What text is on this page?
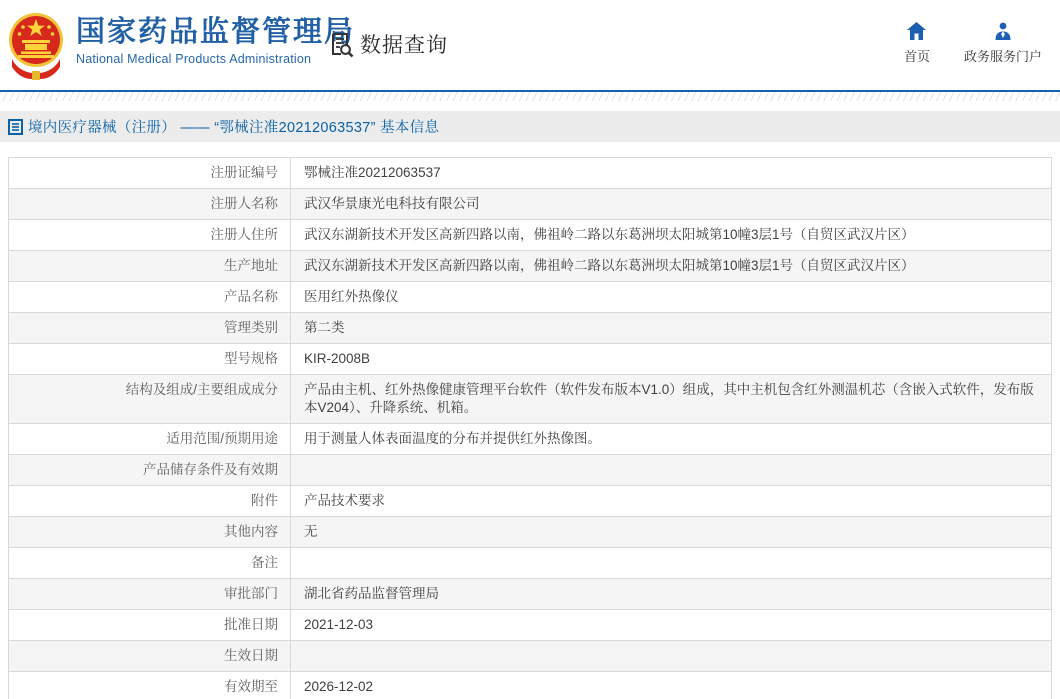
国家药品监督管理局
National Medical Products Administration
数据查询	首页	政务服务门户
境内医疗器械（注册） —— “鄂械注准20212063537” 基本信息
注册证编号	鄂械注准20212063537
注册人名称	武汉华景康光电科技有限公司
注册人住所	武汉东湖新技术开发区高新四路以南，佛祖岭二路以东葛洲坝太阳城第10幢3层1号（自贸区武汉片区）
生产地址	武汉东湖新技术开发区高新四路以南，佛祖岭二路以东葛洲坝太阳城第10幢3层1号（自贸区武汉片区）
产品名称	医用红外热像仪
管理类别	第二类
型号规格	KIR-2008B
结构及组成/主要组成成分	产品由主机、红外热像健康管理平台软件（软件发布版本V1.0）组成，其中主机包含红外测温机芯（含嵌入式软件，发布版本V204）、升降系统、机箱。
适用范围/预期用途	用于测量人体表面温度的分布并提供红外热像图。
产品储存条件及有效期
附件	产品技术要求
其他内容	无
备注
审批部门	湖北省药品监督管理局
批准日期	2021-12-03
生效日期
有效期至	2026-12-02
